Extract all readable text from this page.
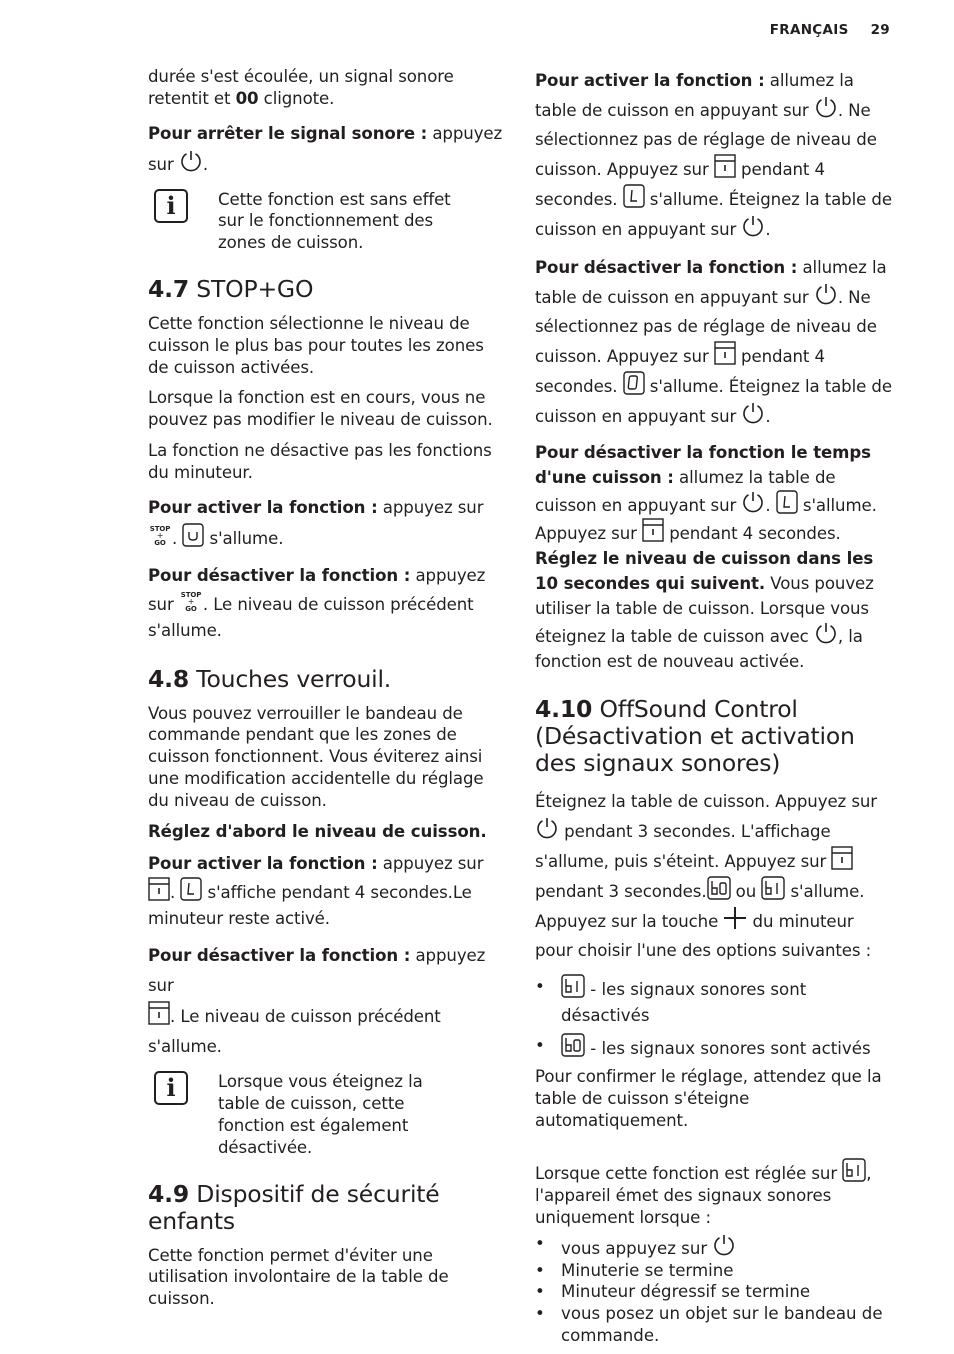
FRANÇAIS 29

durée s'est écoulée, un signal sonore retentit et 00 clignote.

Pour arrêter le signal sonore : appuyez sur
.

i	Cette fonction est sans effet sur le fonctionnement des zones de cuisson.

4.7 STOP+GO

Cette fonction sélectionne le niveau de cuisson le plus bas pour toutes les zones de cuisson activées.

Lorsque la fonction est en cours, vous ne pouvez pas modifier le niveau de cuisson.

La fonction ne désactive pas les fonctions du minuteur.

Pour activer la fonction : appuyez sur

STOP
+
GO .
s'allume.

Pour désactiver la fonction : appuyez sur STOP
+
GO . Le niveau de cuisson précédent s'allume.

4.8 Touches verrouil.

Vous pouvez verrouiller le bandeau de commande pendant que les zones de cuisson fonctionnent. Vous éviterez ainsi une modification accidentelle du réglage du niveau de cuisson.

Réglez d'abord le niveau de cuisson.

Pour activer la fonction : appuyez sur

.
s'affiche pendant 4 secondes.Le minuteur reste activé.

Pour désactiver la fonction : appuyez sur

. Le niveau de cuisson précédent s'allume.

i	Lorsque vous éteignez la table de cuisson, cette fonction est également désactivée.

4.9 Dispositif de sécurité enfants

Cette fonction permet d'éviter une utilisation involontaire de la table de cuisson.

Pour activer la fonction : allumez la table de cuisson en appuyant sur
. Ne sélectionnez pas de réglage de niveau de cuisson. Appuyez sur
pendant 4 secondes.
s'allume. Éteignez la table de cuisson en appuyant sur
.

Pour désactiver la fonction : allumez la table de cuisson en appuyant sur
. Ne sélectionnez pas de réglage de niveau de cuisson. Appuyez sur
pendant 4 secondes.
s'allume. Éteignez la table de cuisson en appuyant sur
.

Pour désactiver la fonction le temps d'une cuisson : allumez la table de cuisson en appuyant sur
.
s'allume. Appuyez sur
pendant 4 secondes. Réglez le niveau de cuisson dans les 10 secondes qui suivent. Vous pouvez utiliser la table de cuisson. Lorsque vous éteignez la table de cuisson avec
, la fonction est de nouveau activée.

4.10 OffSound Control (Désactivation et activation des signaux sonores)

Éteignez la table de cuisson. Appuyez sur
pendant 3 secondes. L'affichage s'allume, puis s'éteint. Appuyez sur
pendant 3 secondes.
ou
s'allume.
Appuyez sur la touche
du minuteur pour choisir l'une des options suivantes :

• - les signaux sonores sont désactivés
• - les signaux sonores sont activés

Pour confirmer le réglage, attendez que la table de cuisson s'éteigne automatiquement.

Lorsque cette fonction est réglée sur
, l'appareil émet des signaux sonores uniquement lorsque :

• vous appuyez sur
• Minuterie se termine
• Minuteur dégressif se termine
• vous posez un objet sur le bandeau de commande.
